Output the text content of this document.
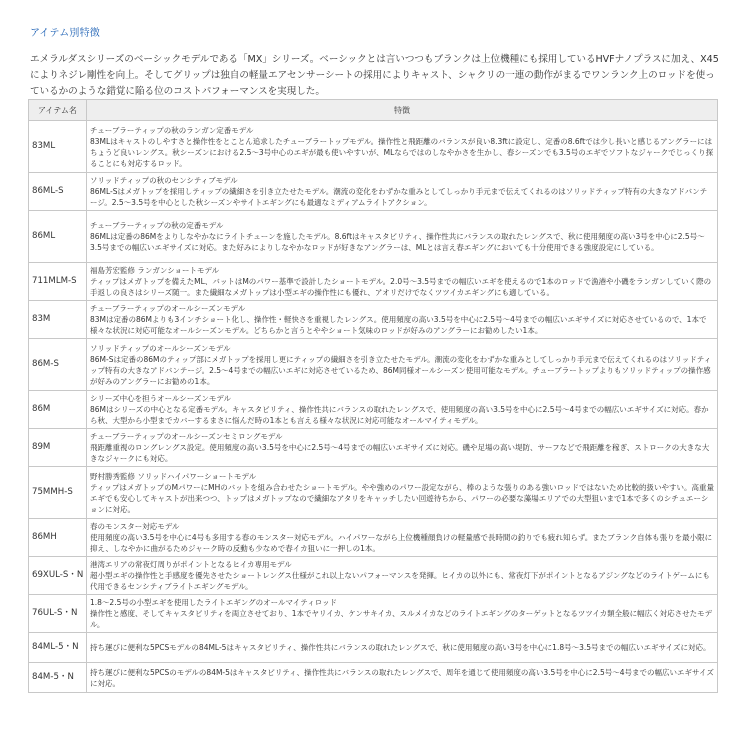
アイテム別特徴
エメラルダスシリーズのベーシックモデルである「MX」シリーズ。ベーシックとは言いつつもブランクは上位機種にも採用しているHVFナノプラスに加え、X45によりネジレ剛性を向上。そしてグリップは独自の軽量エアセンサーシートの採用によりキャスト、シャクリの一連の動作がまるでワンランク上のロッドを使っているかのような錯覚に陥る位のコストパフォーマンスを実現した。
アイテム名	特徴
83ML	チューブラーティップの秋のランガン定番モデル
83MLはキャストのしやすさと操作性をとことん追求したチューブラートップモデル。操作性と飛距離のバランスが良い8.3ftに設定し、定番の8.6ftでは少し長いと感じるアングラーにはちょうど良いレングス。秋シーズンにおける2.5〜3号中心のエギが最も使いやすいが、MLならではのしなやかさを生かし、春シーズンでも3.5号のエギでソフトなジャークでじっくり探ることにも対応するロッド。

86ML-S	ソリッドティップの秋のセンシティブモデル
86ML-Sはメガトップを採用しティップの繊細さを引き立たせたモデル。潮流の変化をわずかな重みとしてしっかり手元まで伝えてくれるのはソリッドティップ特有の大きなアドバンテージ。2.5〜3.5号を中心とした秋シーズンやサイトエギングにも最適なミディアムライトアクション。

86ML	チューブラーティップの秋の定番モデル
86MLは定番の86Mをよりしなやかなにライトチューンを施したモデル。8.6ftはキャスタビリティ、操作性共にバランスの取れたレングスで、秋に使用頻度の高い3号を中心に2.5号〜3.5号までの幅広いエギサイズに対応。また好みによりしなやかなロッドが好きなアングラーは、MLとは言え春エギングにおいても十分使用できる強度設定にしている。

711MLM-S	福島芳宏監修 ランガンショートモデル
ティップはメガトップを備えたML、バットはMのパワー基準で設計したショートモデル。2.0号〜3.5号までの幅広いエギを使えるので1本のロッドで漁港や小磯をランガンしていく際の手返しの良さはシリーズ随一。また繊細なメガトップは小型エギの操作性にも優れ、アオリだけでなくツツイカエギングにも適している。

83M	チューブラーティップのオールシーズンモデル
83Mは定番の86Mよりも3インチショート化し、操作性・軽快さを重視したレングス。使用頻度の高い3.5号を中心に2.5号〜4号までの幅広いエギサイズに対応させているので、1本で様々な状況に対応可能なオールシーズンモデル。どちらかと言うとややショート気味のロッドが好みのアングラーにお勧めしたい1本。

86M-S	ソリッドティップのオールシーズンモデル
86M-Sは定番の86Mのティップ部にメガトップを採用し更にティップの繊細さを引き立たせたモデル。潮流の変化をわずかな重みとしてしっかり手元まで伝えてくれるのはソリッドティップ特有の大きなアドバンテージ。2.5〜4号までの幅広いエギに対応させているため、86M同様オールシーズン使用可能なモデル。チューブラートップよりもソリッドティップの操作感が好みのアングラーにお勧めの1本。

86M	シリーズ中心を担うオールシーズンモデル
86Mはシリーズの中心となる定番モデル。キャスタビリティ、操作性共にバランスの取れたレングスで、使用頻度の高い3.5号を中心に2.5号〜4号までの幅広いエギサイズに対応。春から秋、大型から小型までカバーするまさに悩んだ時の1本とも言える様々な状況に対応可能なオールマイティモデル。

89M	チューブラーティップのオールシーズンセミロングモデル
飛距離重視のロングレングス設定。使用頻度の高い3.5号を中心に2.5号〜4号までの幅広いエギサイズに対応。磯や足場の高い堤防、サーフなどで飛距離を稼ぎ、ストロークの大きな大きなジャークにも対応。

75MMH-S	野村勝秀監修 ソリッドハイパワーショートモデル
ティップはメガトップのMパワーにMHのバットを組み合わせたショートモデル。やや強めのパワー設定ながら、棒のような張りのある強いロッドではないため比較的扱いやすい。高重量エギでも安心してキャストが出来つつ、トップはメガトップなので繊細なアタリをキャッチしたい回遊待ちから、パワーの必要な藻場エリアでの大型狙いまで1本で多くのシチュエーションに対応。

86MH	春のモンスター対応モデル
使用頻度の高い3.5号を中心に4号も多用する春のモンスター対応モデル。ハイパワーながら上位機種顔負けの軽量感で長時間の釣りでも疲れ知らず。またブランク自体も張りを最小限に抑え、しなやかに曲がるためジャーク時の反動も少なめで春イカ狙いに一押しの1本。

69XUL-S・N	港湾エリアの常夜灯周りがポイントとなるヒイカ専用モデル
超小型エギの操作性と手感度を優先させたショートレングス仕様がこれ以上ないパフォーマンスを発揮。ヒイカの以外にも、常夜灯下がポイントとなるアジングなどのライトゲームにも代用できるセンシティブライトエギングモデル。

76UL-S・N	1.8〜2.5号の小型エギを使用したライトエギングのオールマイティロッド
操作性と感度、そしてキャスタビリティを両立させており、1本でヤリイカ、ケンサキイカ、スルメイカなどのライトエギングのターゲットとなるツツイカ類全般に幅広く対応させたモデル。

84ML-5・N	持ち運びに便利な5PCSモデルの84ML-5はキャスタビリティ、操作性共にバランスの取れたレングスで、秋に使用頻度の高い3号を中心に1.8号〜3.5号までの幅広いエギサイズに対応。

84M-5・N	持ち運びに便利な5PCSのモデルの84M-5はキャスタビリティ、操作性共にバランスの取れたレングスで、周年を通じて使用頻度の高い3.5号を中心に2.5号〜4号までの幅広いエギサイズに対応。
